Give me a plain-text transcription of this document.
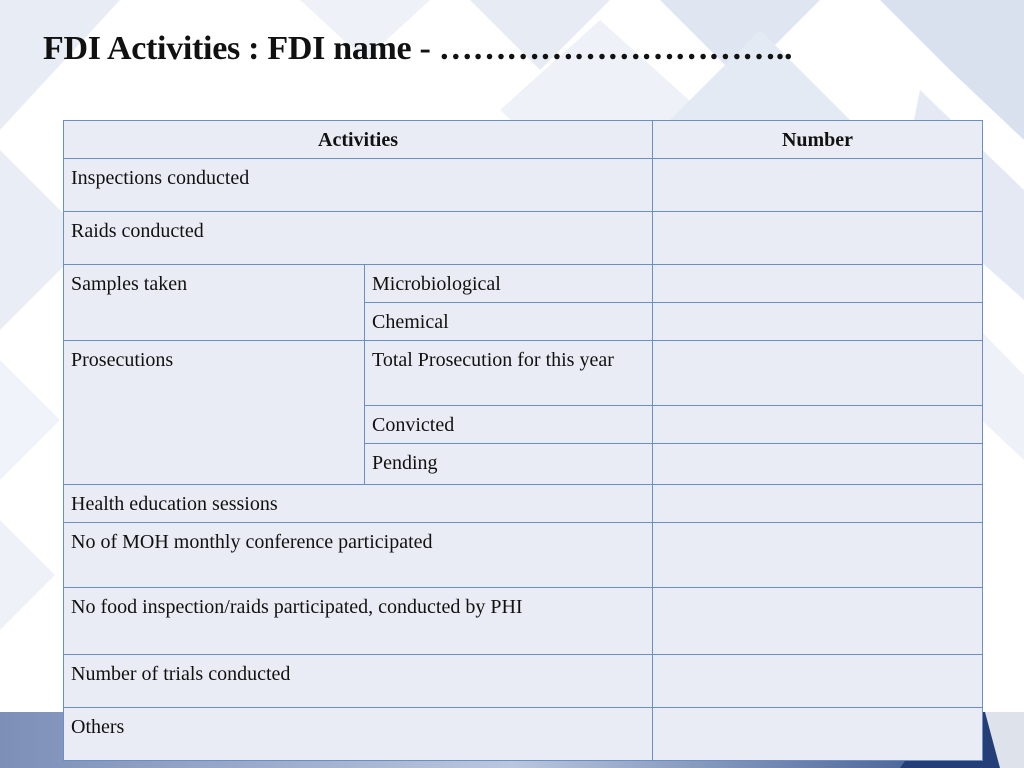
FDI Activities : FDI name - …………………………..
Activities		Number
Inspections conducted		
Raids conducted		
Samples taken	Microbiological	
	Chemical	
Prosecutions	Total Prosecution for this year	
	Convicted	
	Pending	
Health education sessions		
No of MOH monthly conference participated		
No food inspection/raids participated, conducted by PHI		
Number of trials conducted		
Others		
